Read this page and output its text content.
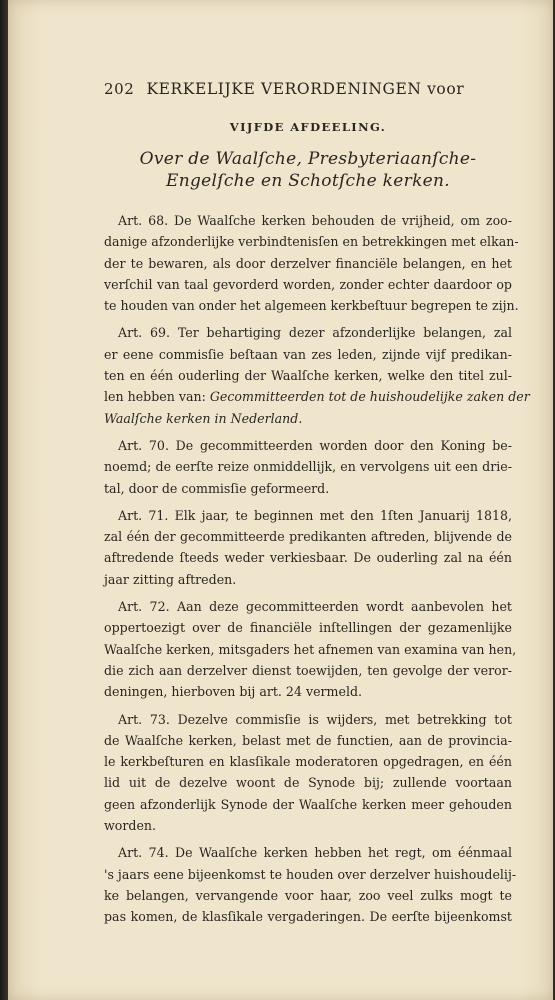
202 KERKELIJKE VERORDENINGEN voor
VIJFDE AFDEELING.
Over de Waalſche, Presbyteriaanſche-
Engelſche en Schotſche kerken.
Art. 68. De Waalſche kerken behouden de vrijheid, om zoo-
danige afzonderlijke verbindtenisſen en betrekkingen met elkan-
der te bewaren, als door derzelver financiële belangen, en het
verſchil van taal gevorderd worden, zonder echter daardoor op
te houden van onder het algemeen kerkbeſtuur begrepen te zijn.
Art. 69. Ter behartiging dezer afzonderlijke belangen, zal
er eene commisſie beſtaan van zes leden, zijnde vijf predikan-
ten en één ouderling der Waalſche kerken, welke den titel zul-
len hebben van: Gecommitteerden tot de huishoudelijke zaken der
Waalſche kerken in Nederland.
Art. 70. De gecommitteerden worden door den Koning be-
noemd; de eerſte reize onmiddellijk, en vervolgens uit een drie-
tal, door de commisſie geformeerd.
Art. 71. Elk jaar, te beginnen met den 1ſten Januarij 1818,
zal één der gecommitteerde predikanten aftreden, blijvende de
aftredende ſteeds weder verkiesbaar. De ouderling zal na één
jaar zitting aftreden.
Art. 72. Aan deze gecommitteerden wordt aanbevolen het
oppertoezigt over de financiële inſtellingen der gezamenlijke
Waalſche kerken, mitsgaders het afnemen van examina van hen,
die zich aan derzelver dienst toewijden, ten gevolge der veror-
deningen, hierboven bij art. 24 vermeld.
Art. 73. Dezelve commisſie is wijders, met betrekking tot
de Waalſche kerken, belast met de functien, aan de provincia-
le kerkbeſturen en klasſikale moderatoren opgedragen, en één
lid uit de dezelve woont de Synode bij; zullende voortaan
geen afzonderlijk Synode der Waalſche kerken meer gehouden
worden.
Art. 74. De Waalſche kerken hebben het regt, om éénmaal
's jaars eene bijeenkomst te houden over derzelver huishoudelij-
ke belangen, vervangende voor haar, zoo veel zulks mogt te
pas komen, de klasſikale vergaderingen. De eerſte bijeenkomst
